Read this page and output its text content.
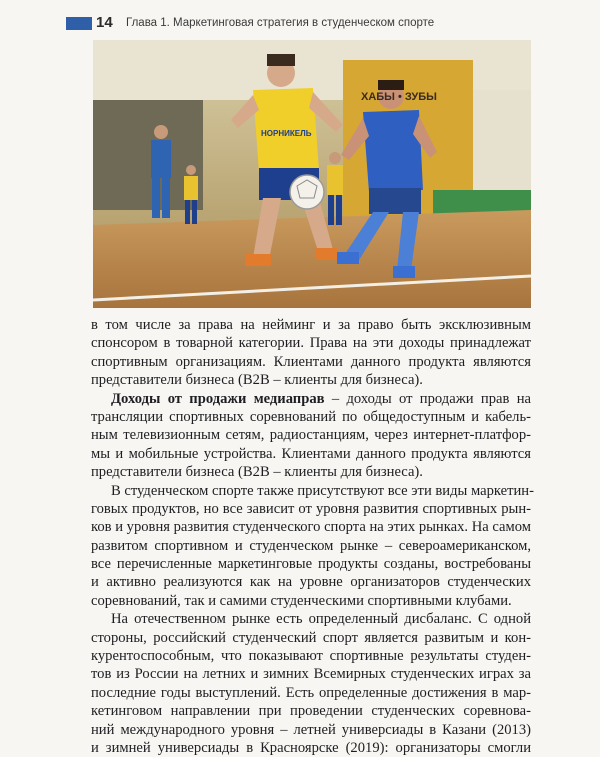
14 Глава 1. Маркетинговая стратегия в студенческом спорте
НОРНИКЕЛЬ
ХАБЫ • ЗУБЫ
в том числе за права на нейминг и за право быть эксклюзивным
спонсором в товарной категории. Права на эти доходы принадлежат
спортивным организациям. Клиентами данного продукта являются
представители бизнеса (B2B – клиенты для бизнеса).
Доходы от продажи медиаправ – доходы от продажи прав на
трансляции спортивных соревнований по общедоступным и кабель-
ным телевизионным сетям, радиостанциям, через интернет-платфор-
мы и мобильные устройства. Клиентами данного продукта являются
представители бизнеса (B2B – клиенты для бизнеса).
В студенческом спорте также присутствуют все эти виды маркетин-
говых продуктов, но все зависит от уровня развития спортивных рын-
ков и уровня развития студенческого спорта на этих рынках. На самом
развитом спортивном и студенческом рынке – североамериканском,
все перечисленные маркетинговые продукты созданы, востребованы
и активно реализуются как на уровне организаторов студенческих
соревнований, так и самими студенческими спортивными клубами.
На отечественном рынке есть определенный дисбаланс. С одной
стороны, российский студенческий спорт является развитым и кон-
курентоспособным, что показывают спортивные результаты студен-
тов из России на летних и зимних Всемирных студенческих играх за
последние годы выступлений. Есть определенные достижения в мар-
кетинговом направлении при проведении студенческих соревнова-
ний международного уровня – летней универсиады в Казани (2013)
и зимней универсиады в Красноярске (2019): организаторы смогли
